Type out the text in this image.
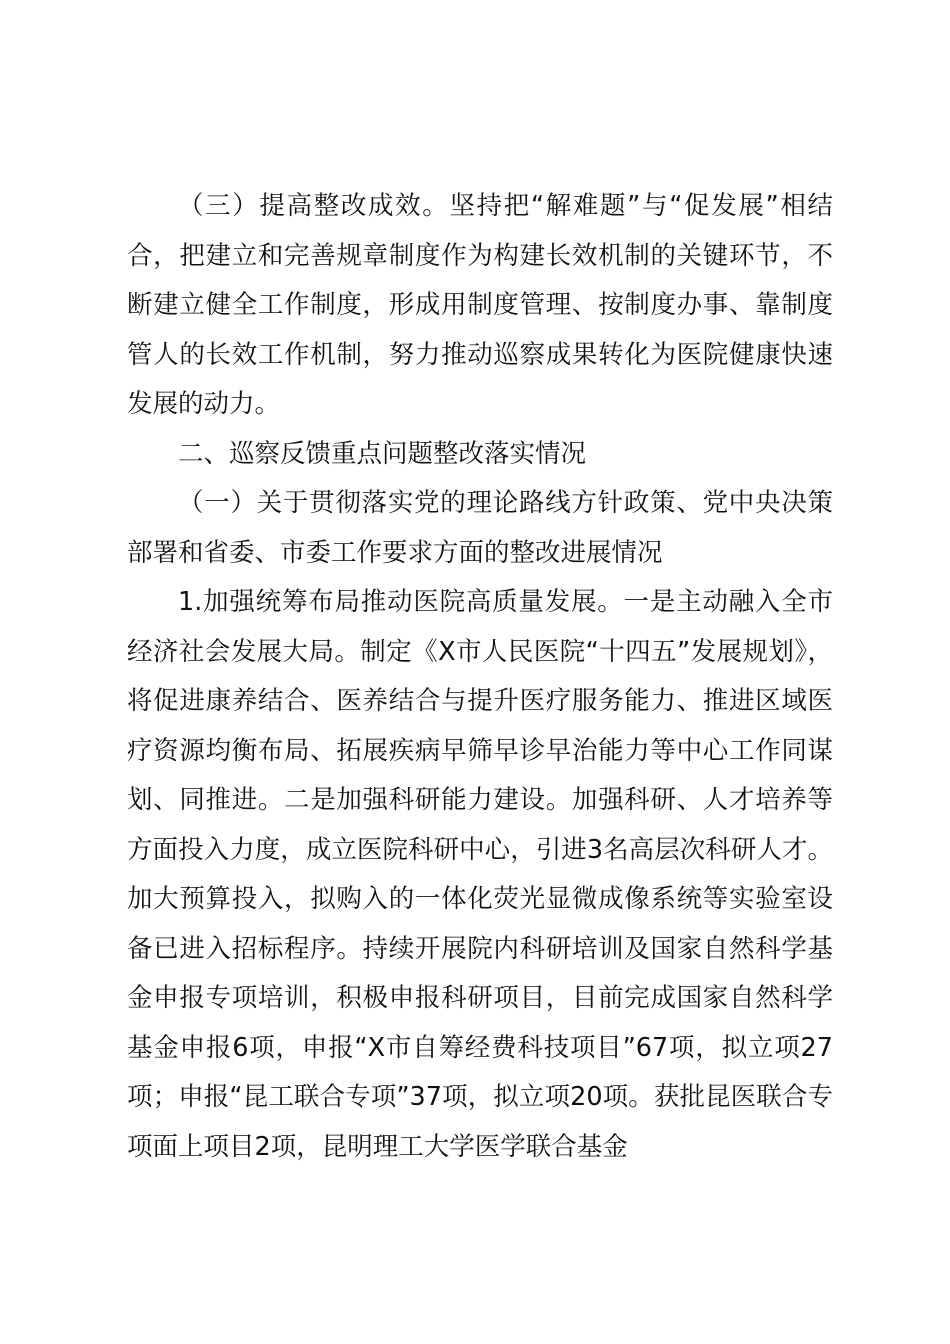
（三）提高整改成效。坚持把“解难题”与“促发展”相结合，把建立和完善规章制度作为构建长效机制的关键环节，不断建立健全工作制度，形成用制度管理、按制度办事、靠制度管人的长效工作机制，努力推动巡察成果转化为医院健康快速发展的动力。

二、巡察反馈重点问题整改落实情况

（一）关于贯彻落实党的理论路线方针政策、党中央决策部署和省委、市委工作要求方面的整改进展情况

1.加强统筹布局推动医院高质量发展。一是主动融入全市经济社会发展大局。制定《X市人民医院“十四五”发展规划》，将促进康养结合、医养结合与提升医疗服务能力、推进区域医疗资源均衡布局、拓展疾病早筛早诊早治能力等中心工作同谋划、同推进。二是加强科研能力建设。加强科研、人才培养等方面投入力度，成立医院科研中心，引进3名高层次科研人才。加大预算投入，拟购入的一体化荧光显微成像系统等实验室设备已进入招标程序。持续开展院内科研培训及国家自然科学基金申报专项培训，积极申报科研项目，目前完成国家自然科学基金申报6项，申报“X市自筹经费科技项目”67项，拟立项27项；申报“昆工联合专项”37项，拟立项20项。获批昆医联合专项面上项目2项，昆明理工大学医学联合基金
